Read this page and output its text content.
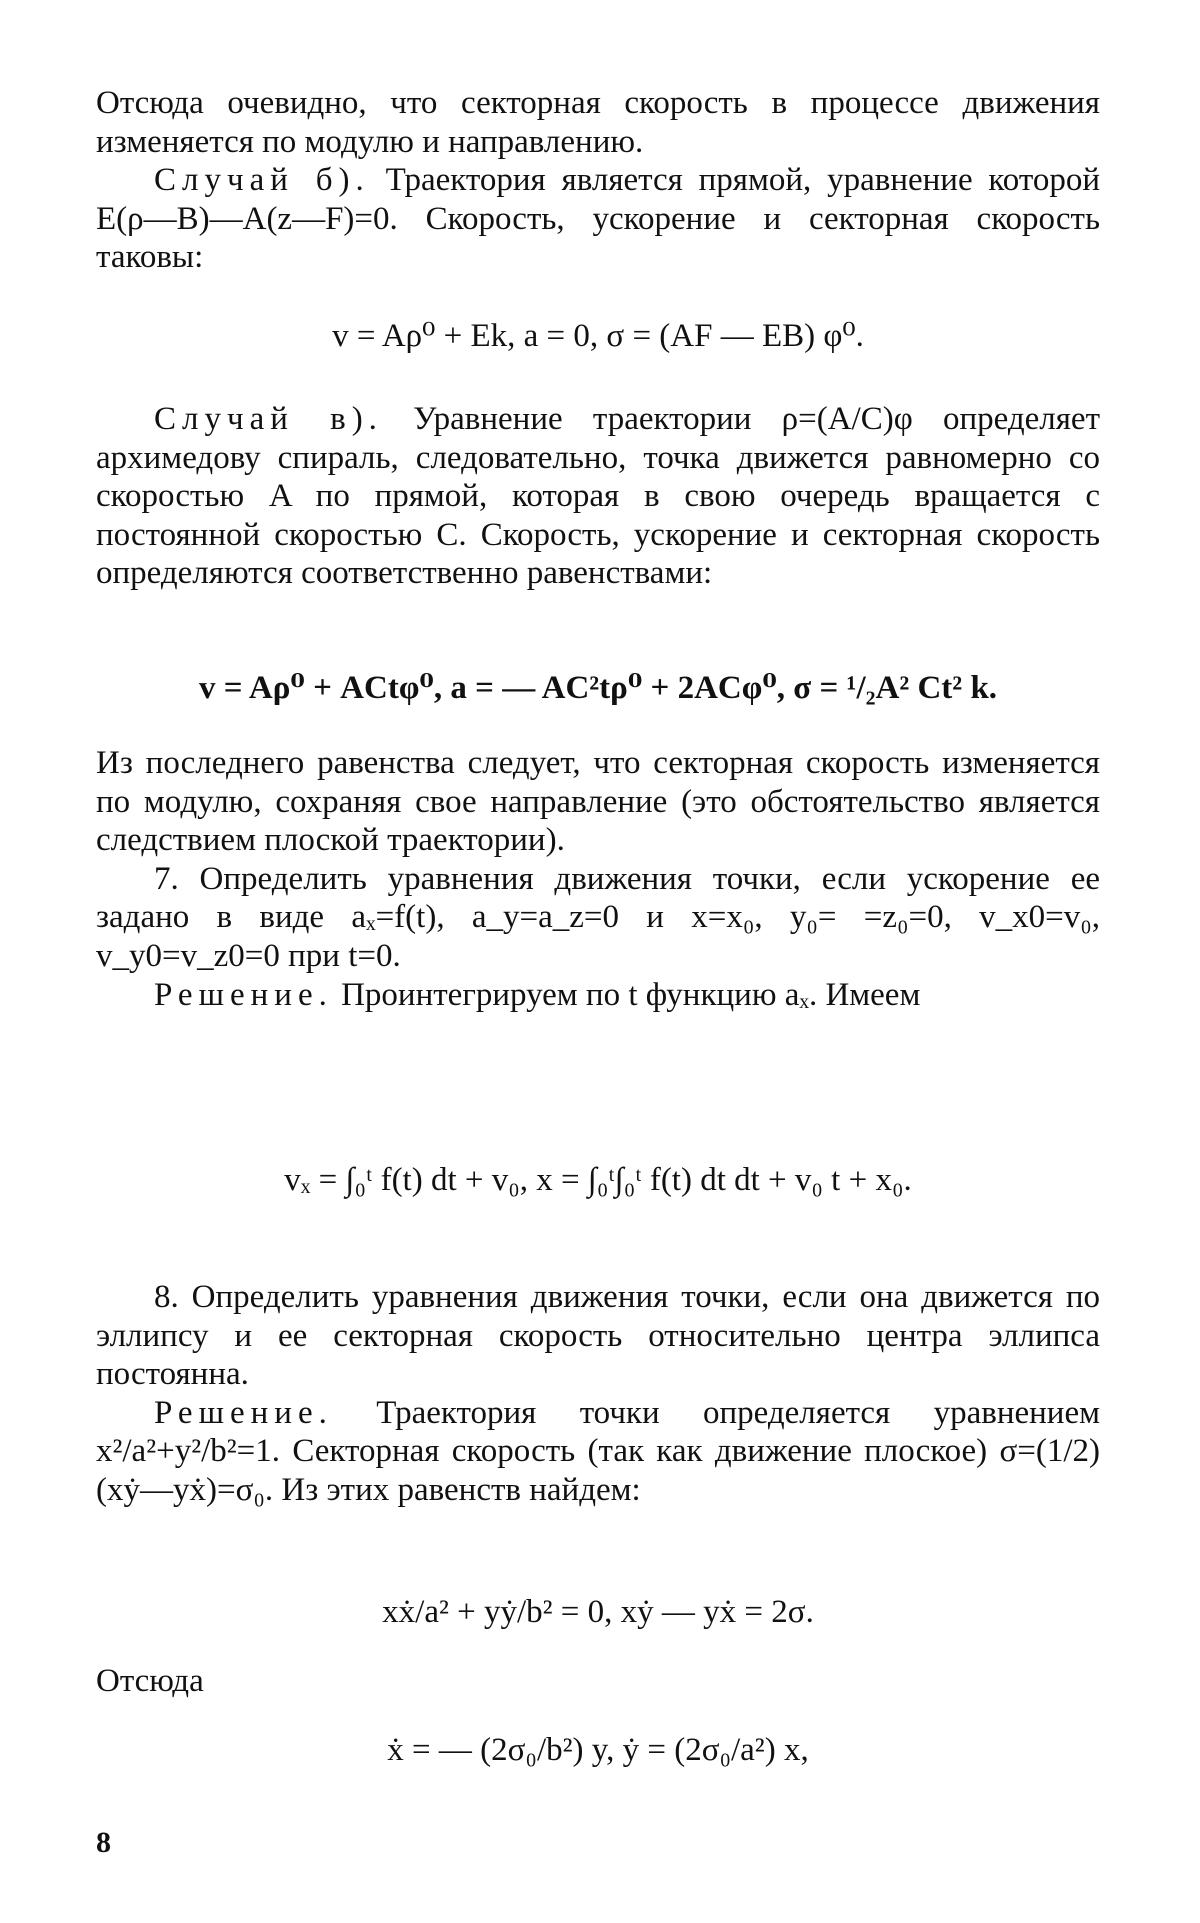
Отсюда очевидно, что секторная скорость в процессе движения изменяется по модулю и направлению.

Случай б). Траектория является прямой, уравнение которой E(ρ—B)—A(z—F)=0. Скорость, ускорение и секторная скорость таковы:

v = Aρ⁰ + Ek, a = 0, σ = (AF — EB) φ⁰.

Случай в). Уравнение траектории ρ=(A/C)φ определяет архимедову спираль, следовательно, точка движется равномерно со скоростью A по прямой, которая в свою очередь вращается с постоянной скоростью C. Скорость, ускорение и секторная скорость определяются соответственно равенствами:

v = Aρ⁰ + ACtφ⁰, a = — AC²tρ⁰ + 2ACφ⁰, σ = ¹/₂A² Ct² k.

Из последнего равенства следует, что секторная скорость изменяется по модулю, сохраняя свое направление (это обстоятельство является следствием плоской траектории).

7. Определить уравнения движения точки, если ускорение ее задано в виде aₓ=f(t), a_y=a_z=0 и x=x₀, y₀= =z₀=0, v_x0=v₀, v_y0=v_z0=0 при t=0.

Решение. Проинтегрируем по t функцию aₓ. Имеем

vₓ = ∫₀ᵗ f(t) dt + v₀, x = ∫₀ᵗ∫₀ᵗ f(t) dt dt + v₀ t + x₀.

8. Определить уравнения движения точки, если она движется по эллипсу и ее секторная скорость относительно центра эллипса постоянна.

Решение. Траектория точки определяется уравнением x²/a²+y²/b²=1. Секторная скорость (так как движение плоское) σ=(1/2)(xẏ—yẋ)=σ₀. Из этих равенств найдем:

xẋ/a² + yẏ/b² = 0, xẏ — yẋ = 2σ.

Отсюда

ẋ = — (2σ₀/b²) y, ẏ = (2σ₀/a²) x,
8
